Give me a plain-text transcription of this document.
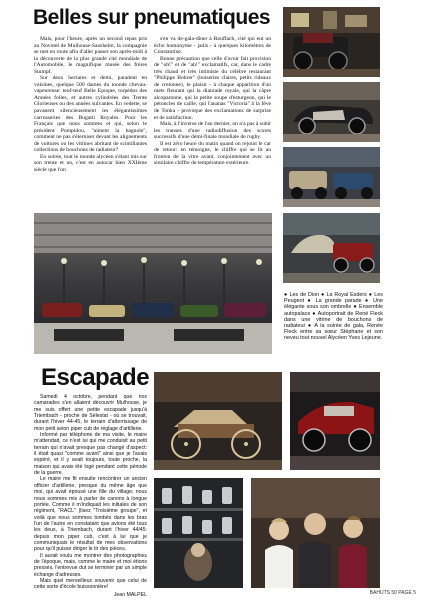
Belles sur pneumatiques

Mais, pour l'heure, après un second repas pris au Novotel de Mulhouse-Sausheim, la compagnie se met en route afin d'aller passer son après-midi à la découverte de la plus grande cité mondiale de l'Automobile, le magnifique musée des frères Stumpf.

Sur deux hectares et demi, paradent en voisines, quelque 500 dames du monde chevau-vapeureuse: teuf-teuf Belle Epoque, torpédos des Années folles, et autres cylindrées des Trente Glorieuses ou des années suivantes. En vedette, se pavanent silencieusement les élégantissimes carrosseries des Bugatti Royales. Pour les Français que nous sommes et qui, selon le président Pompidou, "aiment la bagnole", comment ne pas s'éterniser devant les alignements de voitures ou les vitrines abritant de scintillantes collections de bouchons de radiateur?

En soirée, tout le monde alycéen s'étant mis sur son trente et un, c'est en autocar bien XXIème siècle que l'on

s'en va de-gala-dîner à Rouffach, cité qui eut un écho homonyme - jadis - à quelques kilomètres de Constantine.

Bonne précaution que celle d'avoir fait provision de "oh!" et de "ah!" exclamatifs, car, dans le cadre très chaud et très intimiste du célèbre restaurant "Philippe Bohrer" (boiseries claires, petits rideaux de cretonne), le plaisir - à chaque apparition d'un mets fleurant qui la diaurade royale, qui la câpre alcoparonne, qui la petite soupe d'esturgeon, qui le pétoncles de caille, qui l'ananas "Victoria" à la fève de Tonka - provoque des exclamations de surprise et de satisfaction.

Mais, à l'inverse de l'an dernier, on n'a pas à subir les transes d'une radiodiffusion des scores successifs d'une demi-finale mondiale de rugby.

Il est zéro heure du matin quand on rejoint le car de retour: en témoigne, le chiffre qui se lit au fronton de la vitre avant, conjointement avec un similaire chiffre de température extérieure.

● Les de Dion ● La Royal Esders ● Les Peugeot ● La grande parade ● Une élégante sous son ombrelle ● Ensemble autopalace ● Autoportrait de René Fleck dans une vitrine de bouchons de radiateur ● A la soirée de gala, Renée Fleck entre sa sœur Stéphane et son neveu tout nouvel Alycéen Yves Lejeune.
Escapade

Samedi 4 octobre, pendant que nos camarades s'en allaient découvrir Mulhouse, je me suis offert une petite escapade jusqu'à Triembach - proche de Sélestat - où se trouvait, durant l'hiver 44-45, le terrain d'atterrissage de mon petit avion piper cub de réglage d'artillerie.

Informé par téléphone de ma visite, le maire m'attendait, ce n'est lui qui me conduisit au petit terrain qui n'avait presque pas changé d'aspect: il était quasi "comme avant" ainsi que je l'avais espéré, et il y avait toujours, toute proche, la maison qui avais été logé pendant cette période de la guerre.

Le maire me fit ensuite rencontrer un ancien officier d'artillerie, presque du même âge que moi, qui avait épousé une fille du village; nous nous sommes mis à parler de canons à longue portée. Comme il m'indiquait les initiales de son régiment, "RACL" (lisez "Troisième groupe", et voilà que nous sommes tombés dans les bras l'un de l'autre en constatant que avions été tous les deux, à Triembach, durant l'hiver 44/45: depuis mon piper cub, c'est à lui que je communiquais le résultat de mes observations pour qu'il puisse diriger le tir des pièces.

Il aurait voulu me montrer des photographies de l'époque, mais, comme le maire et moi étions pressés, l'entrevue dut se terminer par un simple échange d'adresses.

Mais quel merveilleux souvenir que celui de cette sorte d'école buissonnière!

Jean MALPEL	BAHUTS 50 PAGE 5
